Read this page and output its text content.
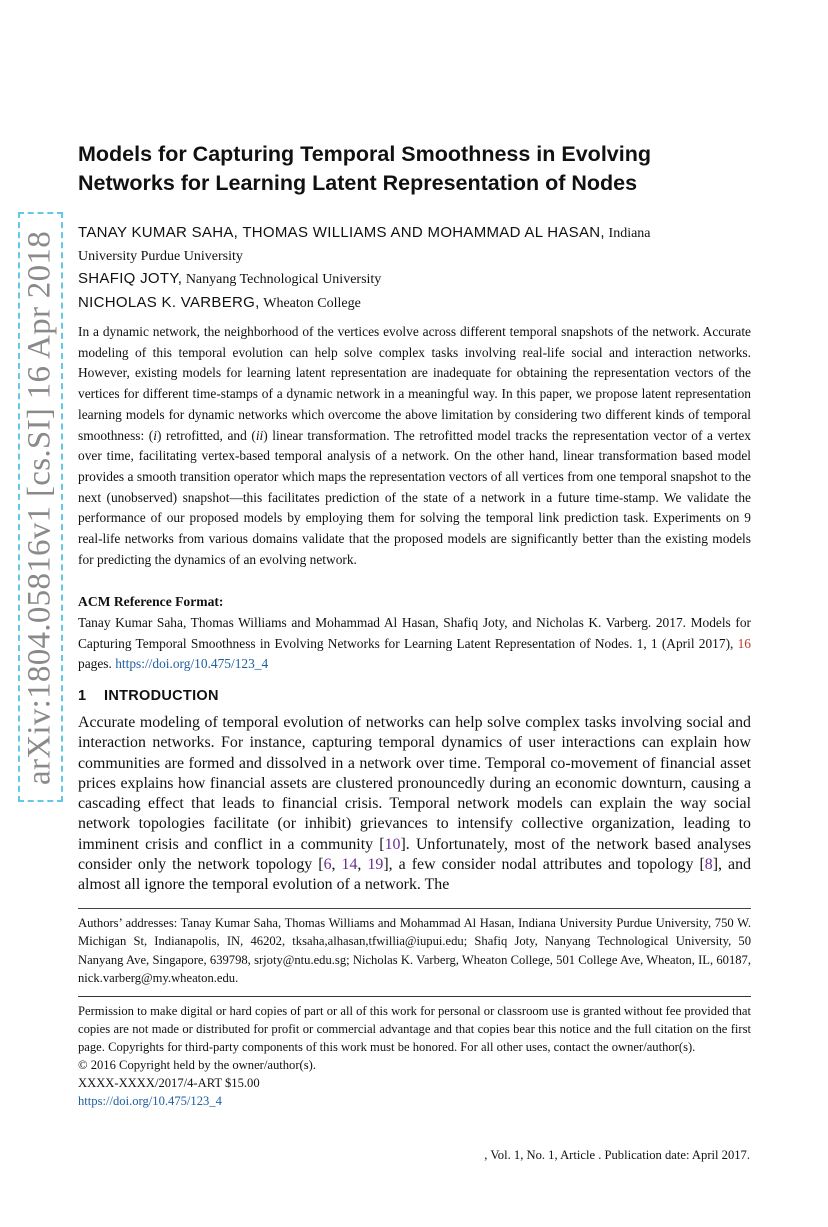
arXiv:1804.05816v1 [cs.SI] 16 Apr 2018
Models for Capturing Temporal Smoothness in Evolving
Networks for Learning Latent Representation of Nodes
TANAY KUMAR SAHA, THOMAS WILLIAMS AND MOHAMMAD AL HASAN, Indiana
University Purdue University
SHAFIQ JOTY, Nanyang Technological University
NICHOLAS K. VARBERG, Wheaton College
In a dynamic network, the neighborhood of the vertices evolve across different temporal snapshots of the network. Accurate modeling of this temporal evolution can help solve complex tasks involving real-life social and interaction networks. However, existing models for learning latent representation are inadequate for obtaining the representation vectors of the vertices for different time-stamps of a dynamic network in a meaningful way. In this paper, we propose latent representation learning models for dynamic networks which overcome the above limitation by considering two different kinds of temporal smoothness: (i) retrofitted, and (ii) linear transformation. The retrofitted model tracks the representation vector of a vertex over time, facilitating vertex-based temporal analysis of a network. On the other hand, linear transformation based model provides a smooth transition operator which maps the representation vectors of all vertices from one temporal snapshot to the next (unobserved) snapshot—this facilitates prediction of the state of a network in a future time-stamp. We validate the performance of our proposed models by employing them for solving the temporal link prediction task. Experiments on 9 real-life networks from various domains validate that the proposed models are significantly better than the existing models for predicting the dynamics of an evolving network.
ACM Reference Format:
Tanay Kumar Saha, Thomas Williams and Mohammad Al Hasan, Shafiq Joty, and Nicholas K. Varberg. 2017. Models for Capturing Temporal Smoothness in Evolving Networks for Learning Latent Representation of Nodes. 1, 1 (April 2017), 16 pages. https://doi.org/10.475/123_4
1 INTRODUCTION
Accurate modeling of temporal evolution of networks can help solve complex tasks involving social and interaction networks. For instance, capturing temporal dynamics of user interactions can explain how communities are formed and dissolved in a network over time. Temporal co-movement of financial asset prices explains how financial assets are clustered pronouncedly during an economic downturn, causing a cascading effect that leads to financial crisis. Temporal network models can explain the way social network topologies facilitate (or inhibit) grievances to intensify collective organization, leading to imminent crisis and conflict in a community [10]. Unfortunately, most of the network based analyses consider only the network topology [6, 14, 19], a few consider nodal attributes and topology [8], and almost all ignore the temporal evolution of a network. The
Authors’ addresses: Tanay Kumar Saha, Thomas Williams and Mohammad Al Hasan, Indiana University Purdue University, 750 W. Michigan St, Indianapolis, IN, 46202, tksaha,alhasan,tfwillia@iupui.edu; Shafiq Joty, Nanyang Technological University, 50 Nanyang Ave, Singapore, 639798, srjoty@ntu.edu.sg; Nicholas K. Varberg, Wheaton College, 501 College Ave, Wheaton, IL, 60187, nick.varberg@my.wheaton.edu.

Permission to make digital or hard copies of part or all of this work for personal or classroom use is granted without fee provided that copies are not made or distributed for profit or commercial advantage and that copies bear this notice and the full citation on the first page. Copyrights for third-party components of this work must be honored. For all other uses, contact the owner/author(s).

© 2016 Copyright held by the owner/author(s).

XXXX-XXXX/2017/4-ART $15.00

https://doi.org/10.475/123_4

, Vol. 1, No. 1, Article . Publication date: April 2017.
